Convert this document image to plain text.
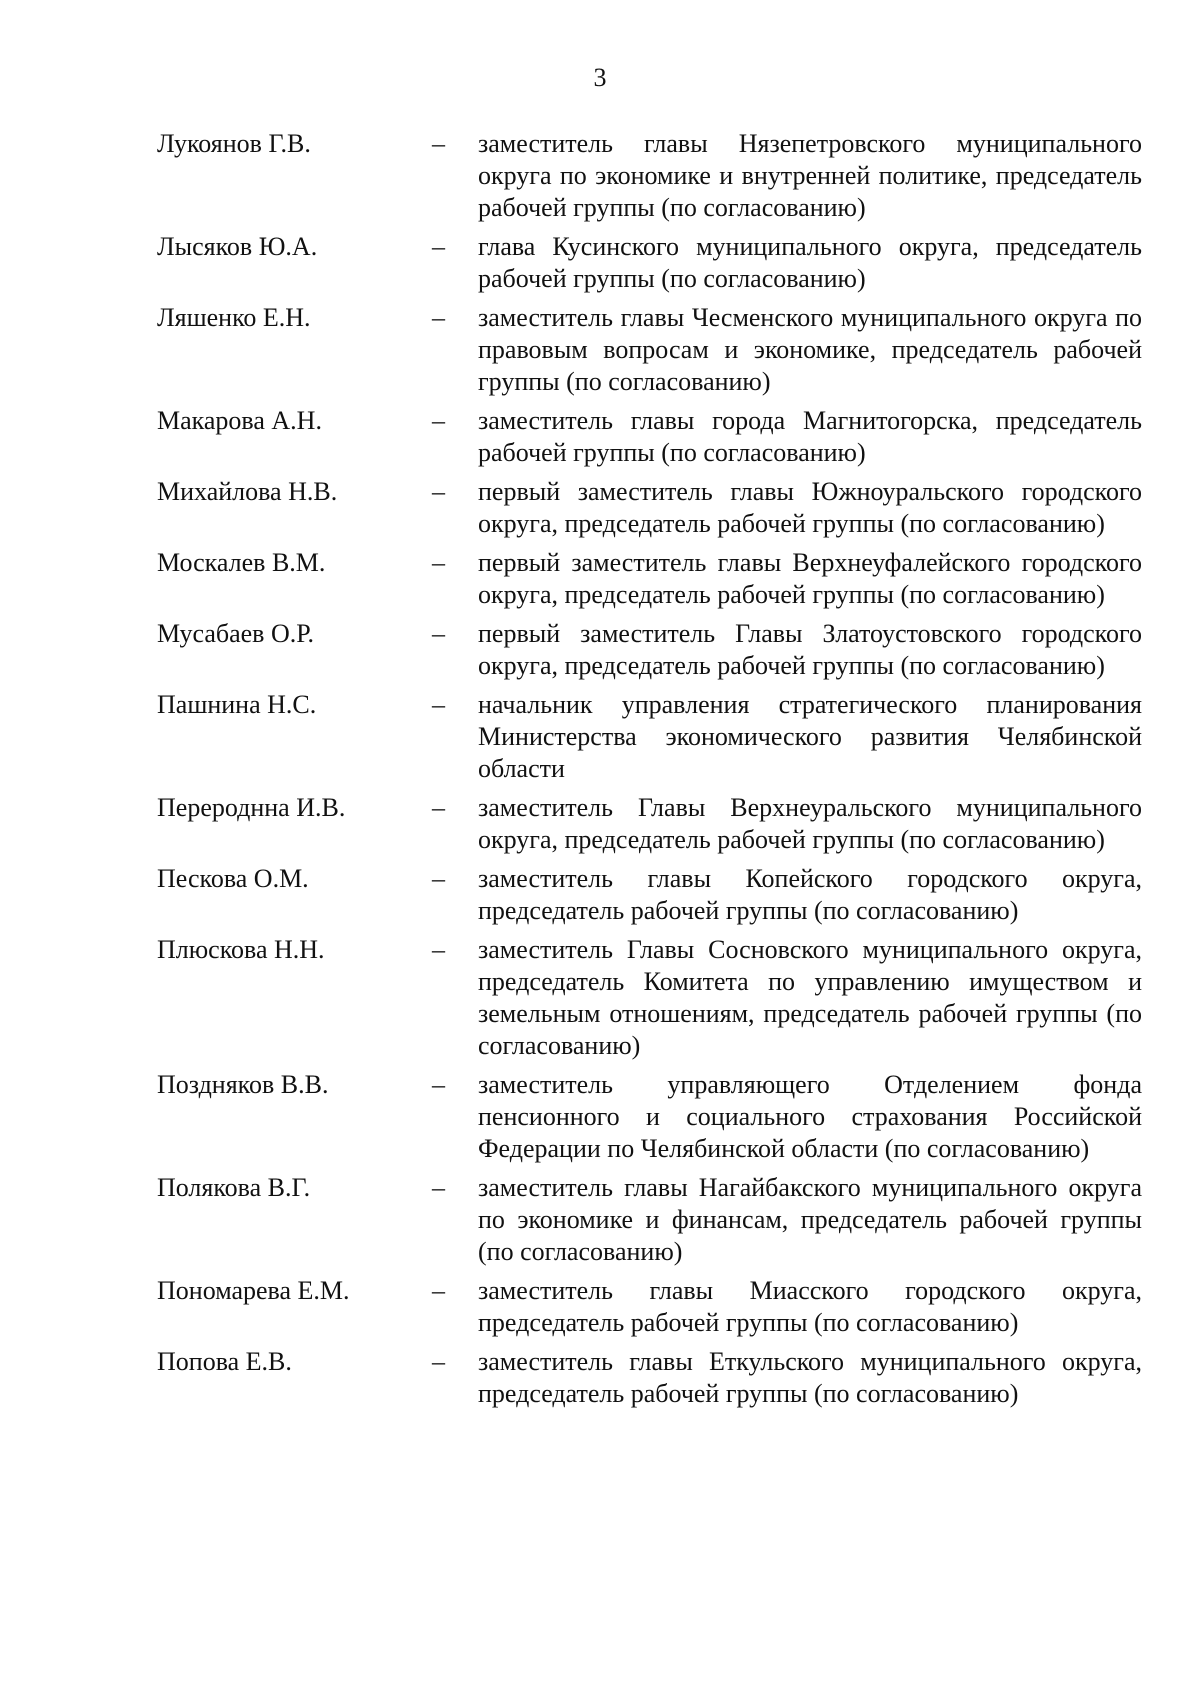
3
Лукоянов Г.В.	–	заместитель главы Нязепетровского муниципального округа по экономике и внутренней политике, председатель рабочей группы (по согласованию)
Лысяков Ю.А.	–	глава Кусинского муниципального округа, председатель рабочей группы (по согласованию)
Ляшенко Е.Н.	–	заместитель главы Чесменского муниципального округа по правовым вопросам и экономике, председатель рабочей группы (по согласованию)
Макарова А.Н.	–	заместитель главы города Магнитогорска, председатель рабочей группы (по согласованию)
Михайлова Н.В.	–	первый заместитель главы Южноуральского городского округа, председатель рабочей группы (по согласованию)
Москалев В.М.	–	первый заместитель главы Верхнеуфалейского городского округа, председатель рабочей группы (по согласованию)
Мусабаев О.Р.	–	первый заместитель Главы Златоустовского городского округа, председатель рабочей группы (по согласованию)
Пашнина Н.С.	–	начальник управления стратегического планирования Министерства экономического развития Челябинской области
Перероднна И.В.	–	заместитель Главы Верхнеуральского муниципального округа, председатель рабочей группы (по согласованию)
Пескова О.М.	–	заместитель главы Копейского городского округа, председатель рабочей группы (по согласованию)
Плюскова Н.Н.	–	заместитель Главы Сосновского муниципального округа, председатель Комитета по управлению имуществом и земельным отношениям, председатель рабочей группы (по согласованию)
Поздняков В.В.	–	заместитель управляющего Отделением фонда пенсионного и социального страхования Российской Федерации по Челябинской области (по согласованию)
Полякова В.Г.	–	заместитель главы Нагайбакского муниципального округа по экономике и финансам, председатель рабочей группы (по согласованию)
Пономарева Е.М.	–	заместитель главы Миасского городского округа, председатель рабочей группы (по согласованию)
Попова Е.В.	–	заместитель главы Еткульского муниципального округа, председатель рабочей группы (по согласованию)
